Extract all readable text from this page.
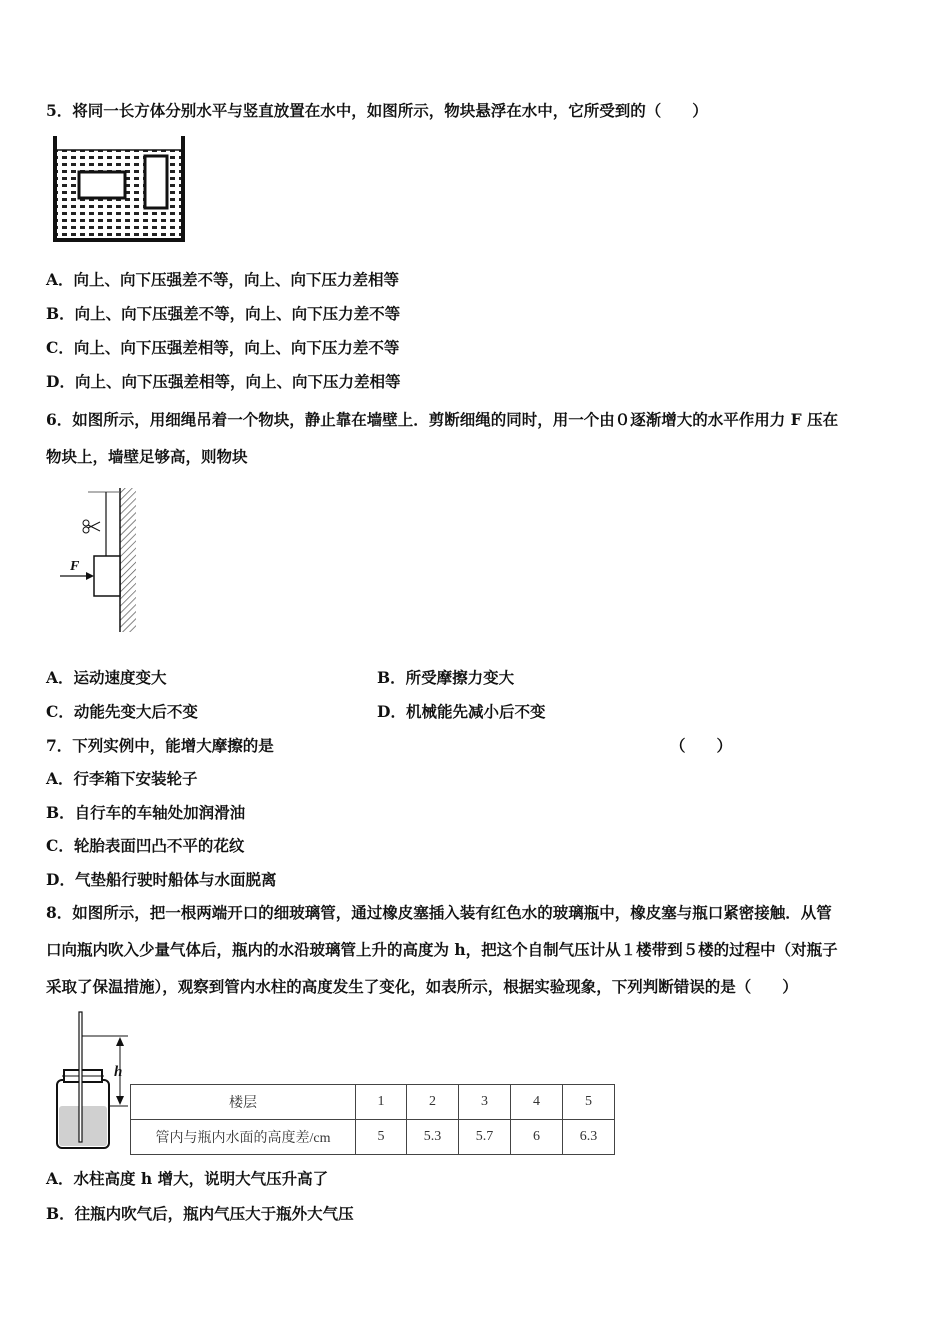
5．将同一长方体分别水平与竖直放置在水中，如图所示，物块悬浮在水中，它所受到的（　　）
A．向上、向下压强差不等，向上、向下压力差相等
B．向上、向下压强差不等，向上、向下压力差不等
C．向上、向下压强差相等，向上、向下压力差不等
D．向上、向下压强差相等，向上、向下压力差相等
6．如图所示，用细绳吊着一个物块，静止靠在墙壁上．剪断细绳的同时，用一个由０逐渐增大的水平作用力 F 压在
物块上，墙壁足够高，则物块
F
A．运动速度变大	B．所受摩擦力变大
C．动能先变大后不变	D．机械能先减小后不变
7．下列实例中，能增大摩擦的是	（　　）
A．行李箱下安装轮子
B．自行车的车轴处加润滑油
C．轮胎表面凹凸不平的花纹
D．气垫船行驶时船体与水面脱离
8．如图所示，把一根两端开口的细玻璃管，通过橡皮塞插入装有红色水的玻璃瓶中，橡皮塞与瓶口紧密接触．从管
口向瓶内吹入少量气体后，瓶内的水沿玻璃管上升的高度为 h，把这个自制气压计从１楼带到５楼的过程中（对瓶子
采取了保温措施），观察到管内水柱的高度发生了变化，如表所示，根据实验现象，下列判断错误的是（　　）
h
楼层	1	2	3	4	5
管内与瓶内水面的高度差/cm	5	5.3	5.7	6	6.3
A．水柱高度 h 增大，说明大气压升高了
B．往瓶内吹气后，瓶内气压大于瓶外大气压
